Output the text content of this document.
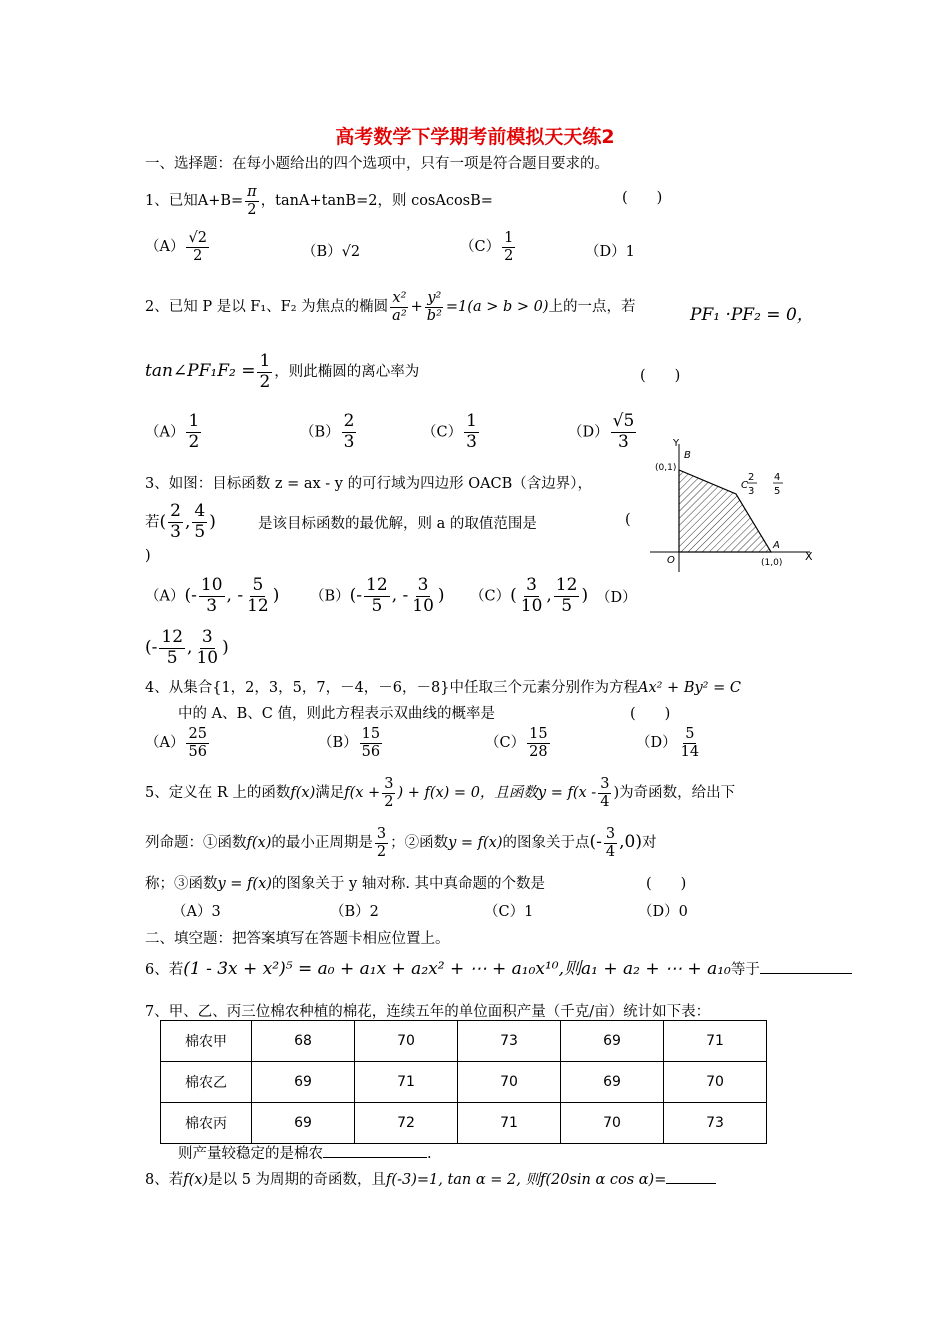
高考数学下学期考前模拟天天练2
一、选择题：在每小题给出的四个选项中，只有一项是符合题目要求的。
1、已知$A+B= \frac{\pi}{2}$ ，tanA+tanB=2，则 cosAcosB=	(　　)
$(A) \frac{√2}{2}$	（B）√2	$(C) \frac{1}{2}$	（D）1
2、已知 P 是以 F₁、F₂ 为焦点的椭圆 $\frac{\text{x²}}{\text{a²}} + \frac{\text{y²}}{\text{b²}} =1(a > b > 0)$上的一点，若	PF₁ ·PF₂ = 0，
tan∠PF₁F₂ = $\frac{1}{2}$ ，则此椭圆的离心率为	(　　)
$(A) \frac{1}{2}$	$(B) \frac{2}{3}$	$(C) \frac{1}{3}$	$(D) \frac{√5}{3}$
3、如图：目标函数 z = ax - y 的可行域为四边形 OACB（含边界），
若( $\frac{2}{3}$ , $\frac{4}{5}$ )	是该目标函数的最优解，则 a 的取值范围是	(
)
$(A)(- \frac{10}{3}$ , - $\frac{5}{12}$ ) $(B)(- \frac{12}{5}$ , - $\frac{3}{10}$ ) $(C)( \frac{3}{10}$ , $\frac{12}{5}$ ) （D）
(- $\frac{12}{5}$ , $\frac{3}{10}$ )
Y
X
B
(0,1)
C
2
3
4
5
O
A
(1,0)
4、从集合{1，2，3，5，7，－4，－6，－8}中任取三个元素分别作为方程Ax² + By² = C
中的 A、B、C 值，则此方程表示双曲线的概率是	(　　)
$(A) \frac{25}{56}$	$(B) \frac{15}{56}$	$(C) \frac{15}{28}$	$(D) \frac{5}{14}$
5、定义在 R 上的函数f(x)满足$f(x + \frac{3}{2}$ ) + f(x) = 0，且函数$y = f(x - \frac{3}{4}$ )为奇函数，给出下
列命题：①函数f(x)的最小正周期是 $\frac{3}{2}$ ；②函数y = f(x)的图象关于点(- $\frac{3}{4} ,0$)对
称；③函数y = f(x)的图象关于 y 轴对称. 其中真命题的个数是	(　　)
（A）3	（B）2	（C）1	（D）0
二、填空题：把答案填写在答题卡相应位置上。
6、若(1 - 3x + x²)⁵ = a₀ + a₁x + a₂x² + ⋯ + a₁₀x¹⁰,则a₁ + a₂ + ⋯ + a₁₀等于
7、甲、乙、丙三位棉农种植的棉花，连续五年的单位面积产量（千克/亩）统计如下表：
棉农甲	68	70	73	69	71
棉农乙	69	71	70	69	70
棉农丙	69	72	71	70	73
则产量较稳定的是棉农	.
8、若f(x)是以 5 为周期的奇函数，且f(-3)=1, tan α = 2, 则f(20sin α cos α)=
